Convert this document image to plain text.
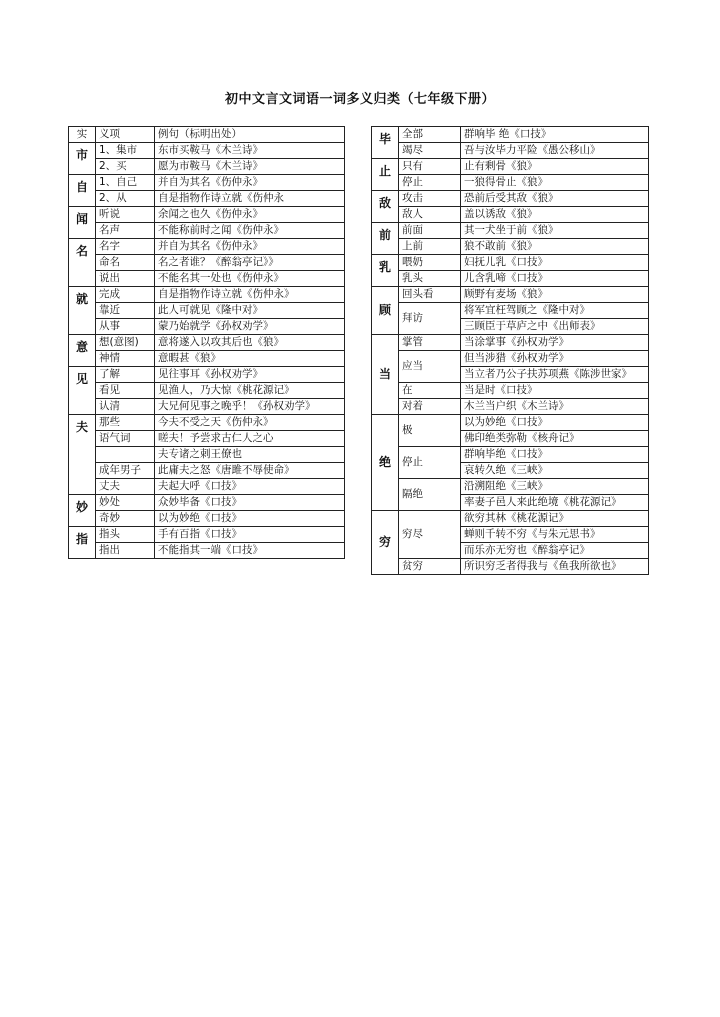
初中文言文词语一词多义归类（七年级下册）
实	义项	例句（标明出处）
市	1、集市	东市买鞍马《木兰诗》
	2、买	愿为市鞍马《木兰诗》
自	1、自己	并自为其名《伤仲永》
	2、从	自是指物作诗立就《伤仲永
闻	听说	余闻之也久《伤仲永》
	名声	不能称前时之闻《伤仲永》
名	名字	并自为其名《伤仲永》
	命名	名之者谁？《醉翁亭记》》
	说出	不能名其一处也《伤仲永》
就	完成	自是指物作诗立就《伤仲永》
	靠近	此人可就见《隆中对》
	从事	蒙乃始就学《孙权劝学》
意	想(意图)	意将遂入以攻其后也《狼》
	神情	意暇甚《狼》
见	了解	见往事耳《孙权劝学》
	看见	见渔人，乃大惊《桃花源记》
	认清	大兄何见事之晚乎！《孙权劝学》
夫	那些	今夫不受之天《伤仲永》
	语气词	嗟夫！予尝求古仁人之心
		夫专诸之刺王僚也
	成年男子	此庸夫之怒《唐雎不辱使命》
	丈夫	夫起大呼《口技》
妙	妙处	众妙毕备《口技》
	奇妙	以为妙绝《口技》
指	指头	手有百指《口技》
	指出	不能指其一端《口技》
毕	全部	群响毕 绝《口技》
	竭尽	吾与汝毕力平险《愚公移山》
止	只有	止有剩骨《狼》
	停止	一狼得骨止《狼》
敌	攻击	恐前后受其敌《狼》
	敌人	盖以诱敌《狼》
前	前面	其一犬坐于前《狼》
	上前	狼不敢前《狼》
乳	喂奶	妇抚儿乳《口技》
	乳头	儿含乳啼《口技》
顾	回头看	顾野有麦场《狼》
	拜访	将军宜枉驾顾之《隆中对》
		三顾臣于草庐之中《出师表》
当	掌管	当涂掌事《孙权劝学》
	应当	但当涉猎《孙权劝学》
		当立者乃公子扶苏项燕《陈涉世家》
	在	当是时《口技》
	对着	木兰当户织《木兰诗》
绝	极	以为妙绝《口技》
		佛印绝类弥勒《核舟记》
	停止	群响毕绝《口技》
		哀转久绝《三峡》
	隔绝	沿溯阻绝《三峡》
		率妻子邑人来此绝境《桃花源记》
穷	穷尽	欲穷其林《桃花源记》
		蝉则千转不穷《与朱元思书》
		而乐亦无穷也《醉翁亭记》
	贫穷	所识穷乏者得我与《鱼我所欲也》
